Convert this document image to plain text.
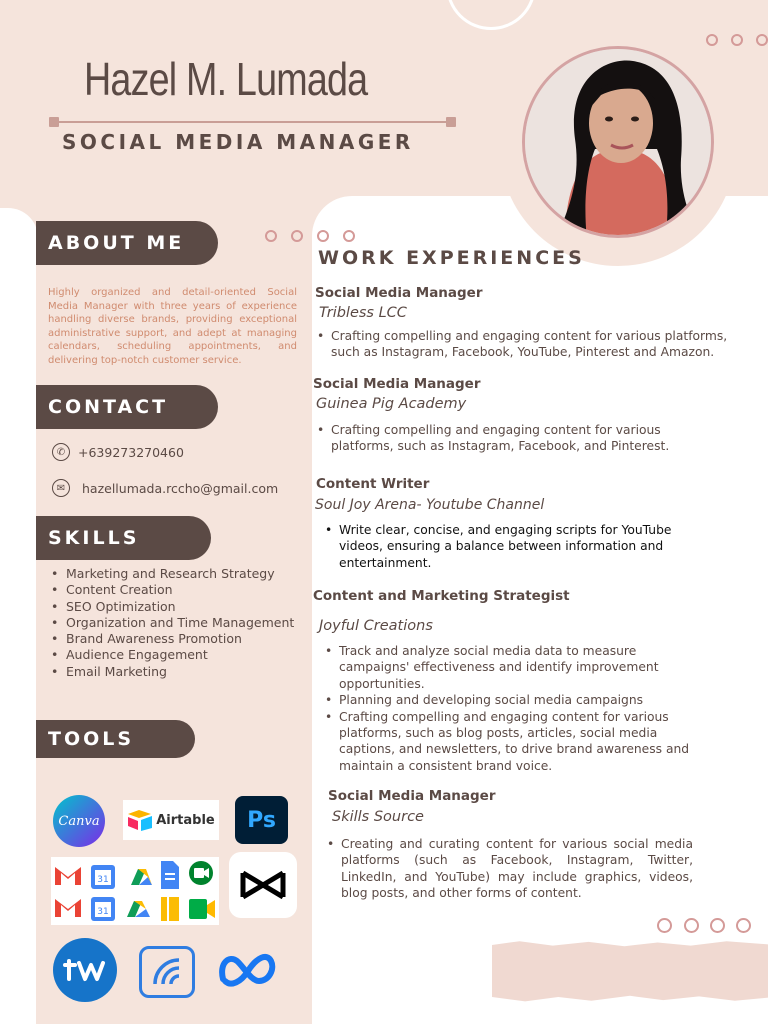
Hazel M. Lumada
SOCIAL MEDIA MANAGER
ABOUT ME
Highly organized and detail-oriented Social Media Manager with three years of experience handling diverse brands, providing exceptional administrative support, and adept at managing calendars, scheduling appointments, and delivering top-notch customer service.
CONTACT
✆	+639273270460
✉	hazellumada.rccho@gmail.com
SKILLS
• Marketing and Research Strategy
• Content Creation
• SEO Optimization
• Organization and Time Management
• Brand Awareness Promotion
• Audience Engagement
• Email Marketing
TOOLS
Canva	Airtable Ps
31
31
WORK EXPERIENCES
Social Media Manager
Tribless LCC
• Crafting compelling and engaging content for various platforms, such as Instagram, Facebook, YouTube, Pinterest and Amazon.
Social Media Manager
Guinea Pig Academy
• Crafting compelling and engaging content for various platforms, such as Instagram, Facebook, and Pinterest.
Content Writer
Soul Joy Arena- Youtube Channel
• Write clear, concise, and engaging scripts for YouTube videos, ensuring a balance between information and entertainment.
Content and Marketing Strategist
Joyful Creations
• Track and analyze social media data to measure campaigns' effectiveness and identify improvement opportunities.
• Planning and developing social media campaigns
• Crafting compelling and engaging content for various platforms, such as blog posts, articles, social media captions, and newsletters, to drive brand awareness and maintain a consistent brand voice.
Social Media Manager
Skills Source
• Creating and curating content for various social media platforms (such as Facebook, Instagram, Twitter, LinkedIn, and YouTube) may include graphics, videos, blog posts, and other forms of content.
